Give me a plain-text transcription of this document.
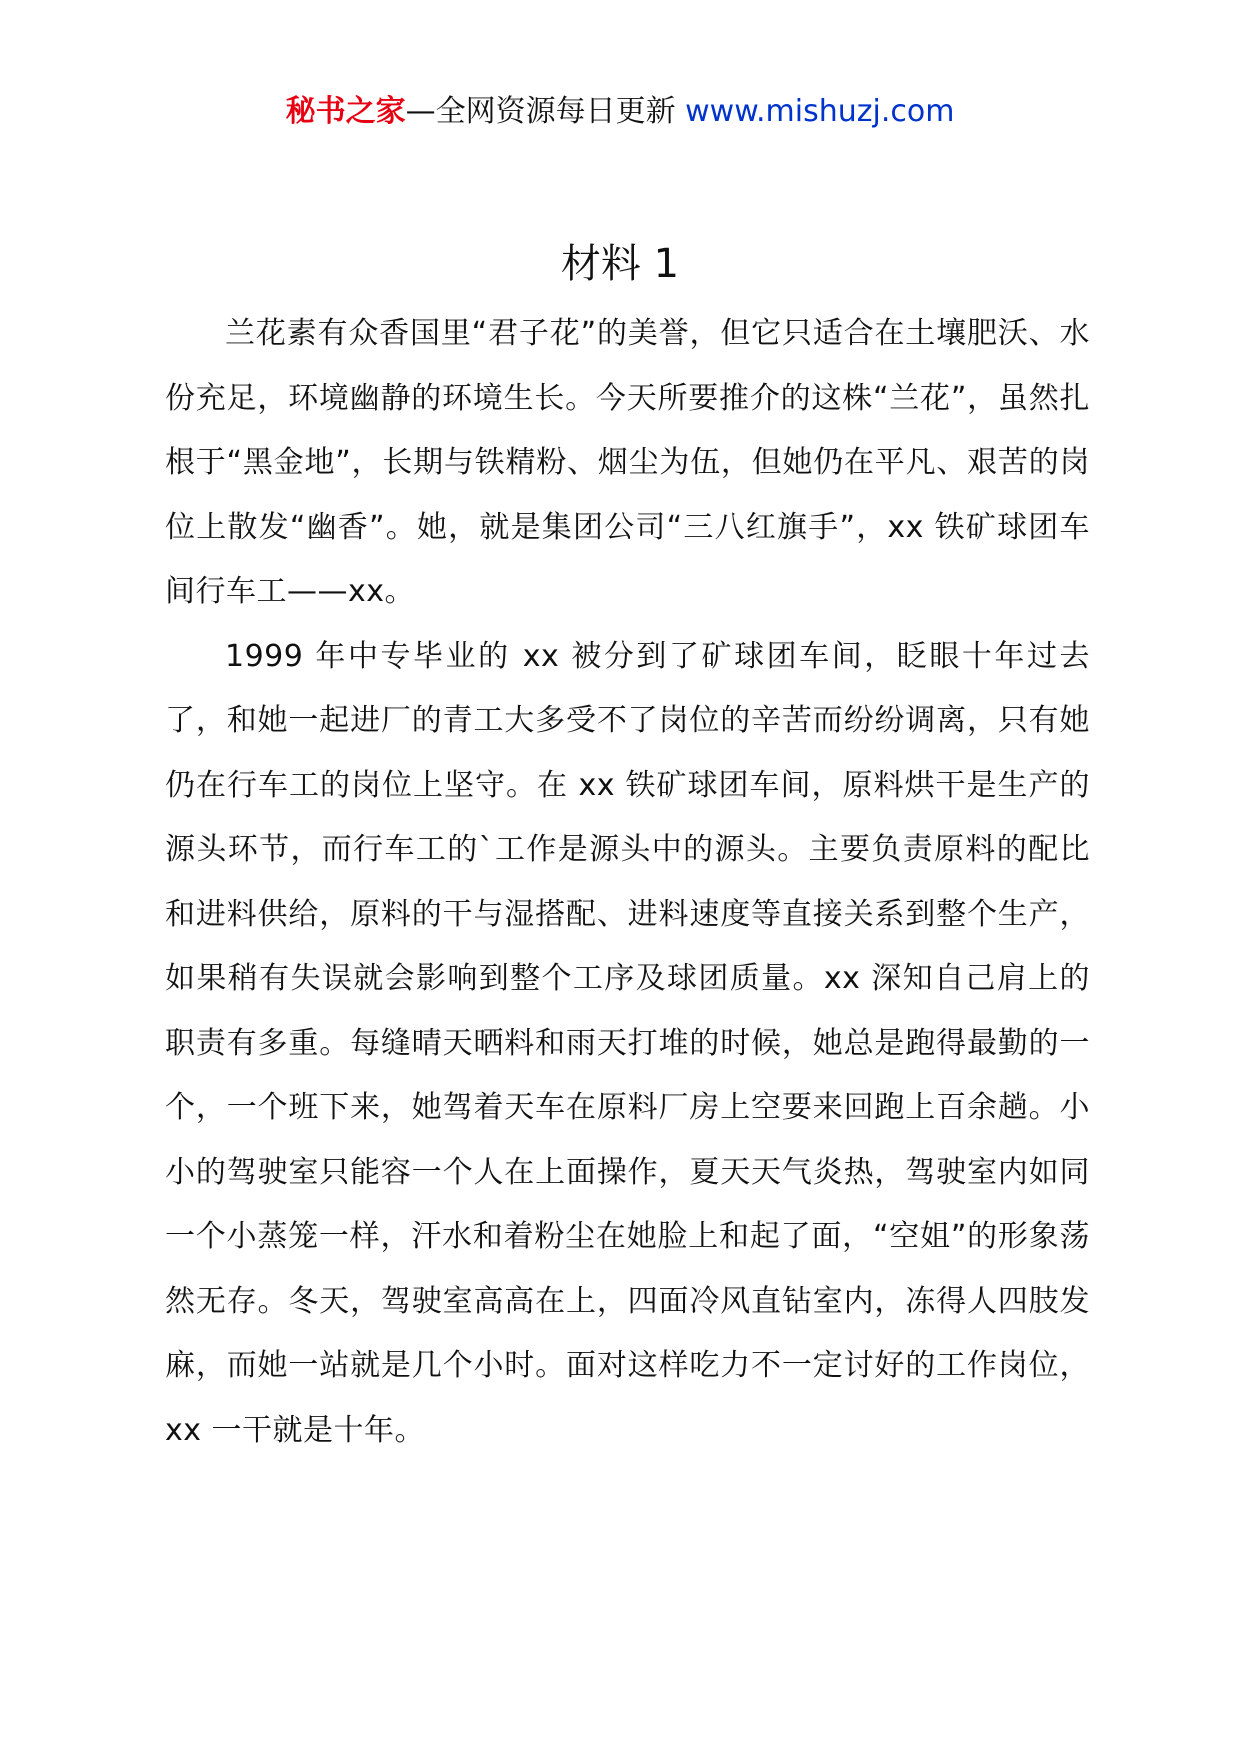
秘书之家—全网资源每日更新 www.mishuzj.com
材料 1

兰花素有众香国里“君子花”的美誉，但它只适合在土壤肥沃、水份充足，环境幽静的环境生长。今天所要推介的这株“兰花”，虽然扎根于“黑金地”，长期与铁精粉、烟尘为伍，但她仍在平凡、艰苦的岗位上散发“幽香”。她，就是集团公司“三八红旗手”，xx 铁矿球团车间行车工——xx。

1999 年中专毕业的 xx 被分到了矿球团车间，眨眼十年过去了，和她一起进厂的青工大多受不了岗位的辛苦而纷纷调离，只有她仍在行车工的岗位上坚守。在 xx 铁矿球团车间，原料烘干是生产的源头环节，而行车工的`工作是源头中的源头。主要负责原料的配比和进料供给，原料的干与湿搭配、进料速度等直接关系到整个生产，如果稍有失误就会影响到整个工序及球团质量。xx 深知自己肩上的职责有多重。每缝晴天晒料和雨天打堆的时候，她总是跑得最勤的一个，一个班下来，她驾着天车在原料厂房上空要来回跑上百余趟。小小的驾驶室只能容一个人在上面操作，夏天天气炎热，驾驶室内如同一个小蒸笼一样，汗水和着粉尘在她脸上和起了面，“空姐”的形象荡然无存。冬天，驾驶室高高在上，四面冷风直钻室内，冻得人四肢发麻，而她一站就是几个小时。面对这样吃力不一定讨好的工作岗位，xx 一干就是十年。
